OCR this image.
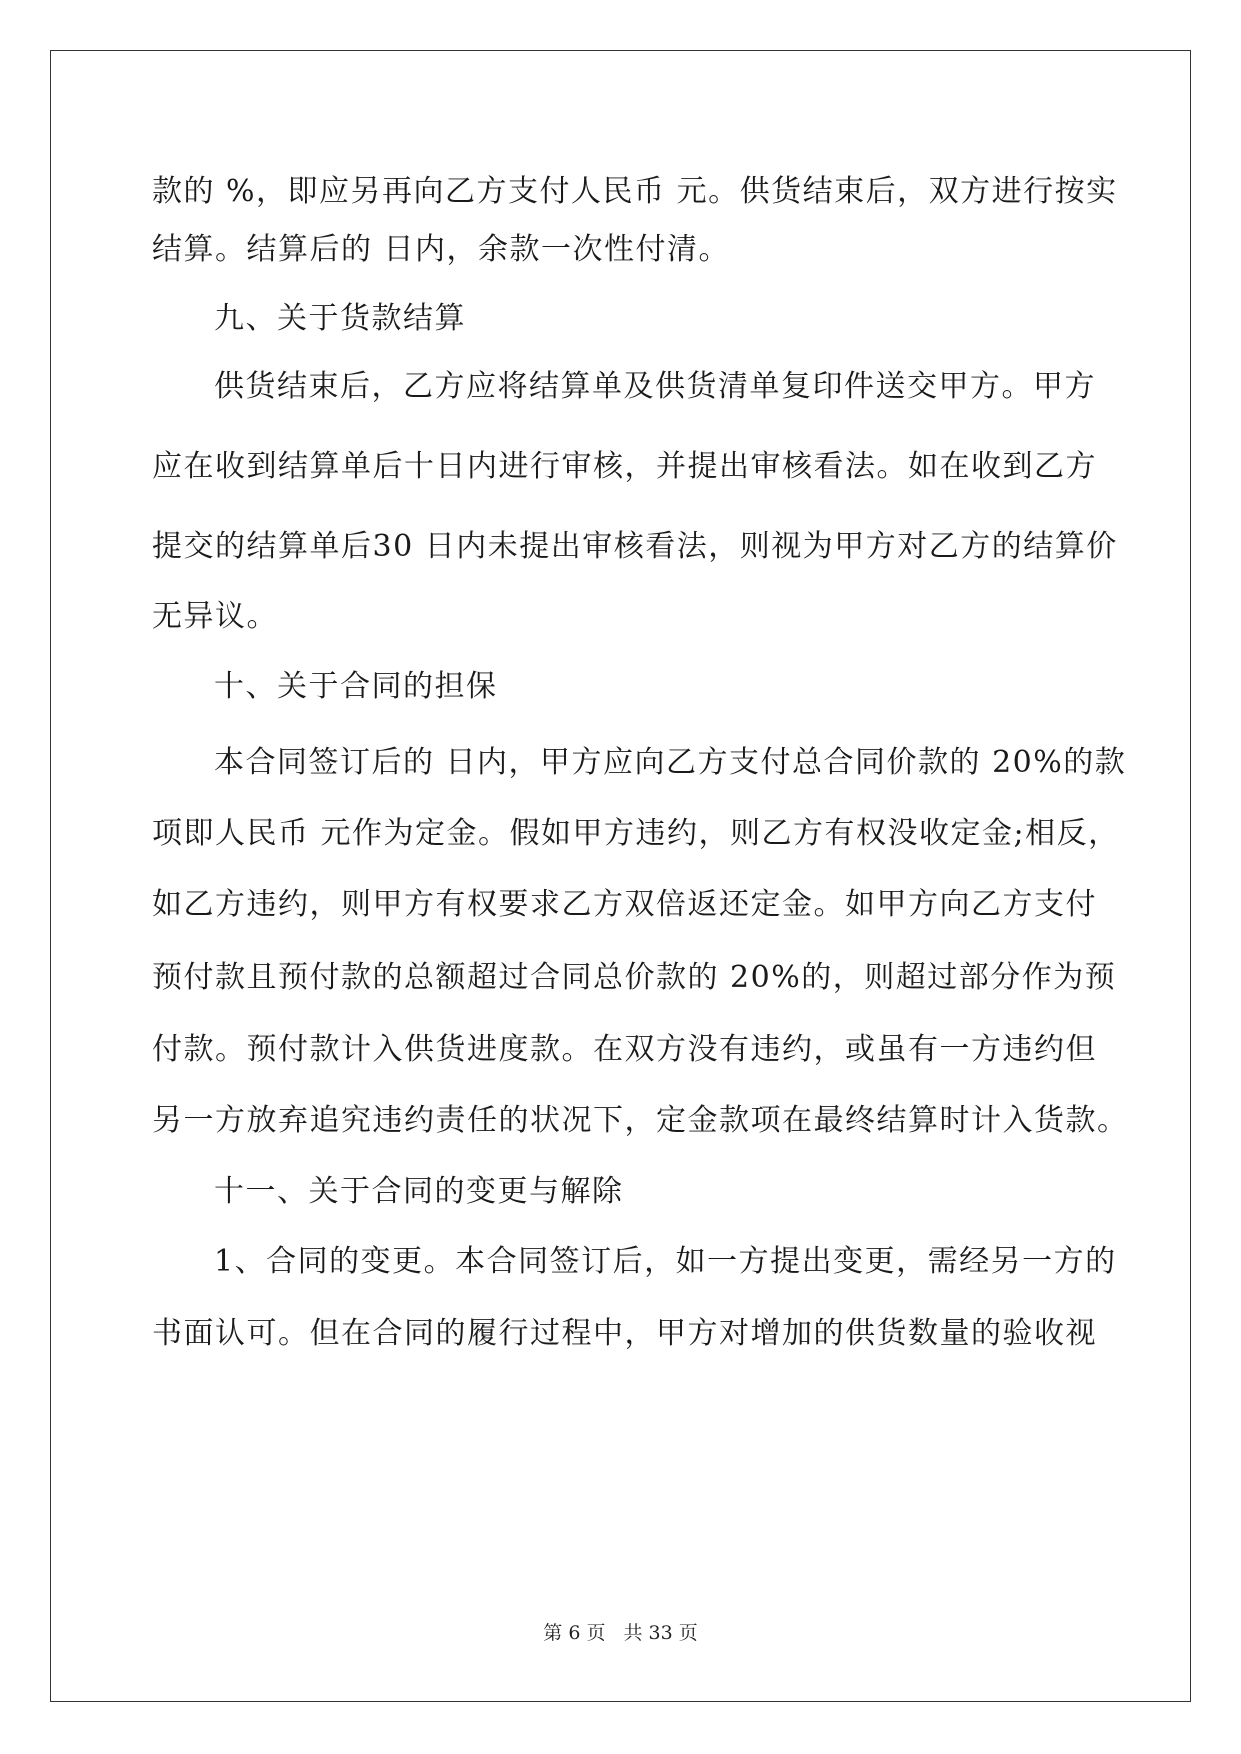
款的 %，即应另再向乙方支付人民币 元。供货结束后，双方进行按实
结算。结算后的 日内，余款一次性付清。
九、关于货款结算
供货结束后，乙方应将结算单及供货清单复印件送交甲方。甲方
应在收到结算单后十日内进行审核，并提出审核看法。如在收到乙方
提交的结算单后30 日内未提出审核看法，则视为甲方对乙方的结算价
无异议。
十、关于合同的担保
本合同签订后的 日内，甲方应向乙方支付总合同价款的 20%的款
项即人民币 元作为定金。假如甲方违约，则乙方有权没收定金;相反，
如乙方违约，则甲方有权要求乙方双倍返还定金。如甲方向乙方支付
预付款且预付款的总额超过合同总价款的 20%的，则超过部分作为预
付款。预付款计入供货进度款。在双方没有违约，或虽有一方违约但
另一方放弃追究违约责任的状况下，定金款项在最终结算时计入货款。
十一、关于合同的变更与解除
1、合同的变更。本合同签订后，如一方提出变更，需经另一方的
书面认可。但在合同的履行过程中，甲方对增加的供货数量的验收视
第 6 页 共 33 页
